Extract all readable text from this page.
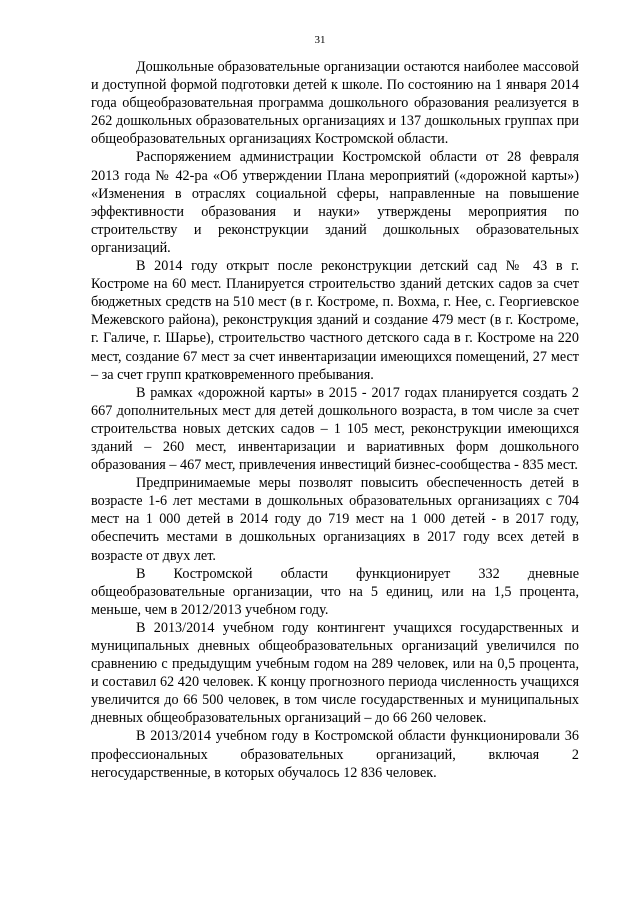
31

Дошкольные образовательные организации остаются наиболее массовой и доступной формой подготовки детей к школе. По состоянию на 1 января 2014 года общеобразовательная программа дошкольного образования реализуется в 262 дошкольных образовательных организациях и 137 дошкольных группах при общеобразовательных организациях Костромской области.

Распоряжением администрации Костромской области от 28 февраля 2013 года № 42-ра «Об утверждении Плана мероприятий («дорожной карты») «Изменения в отраслях социальной сферы, направленные на повышение эффективности образования и науки» утверждены мероприятия по строительству и реконструкции зданий дошкольных образовательных организаций.

В 2014 году открыт после реконструкции детский сад № 43 в г. Костроме на 60 мест. Планируется строительство зданий детских садов за счет бюджетных средств на 510 мест (в г. Костроме, п. Вохма, г. Нее, с. Георгиевское Межевского района), реконструкция зданий и создание 479 мест (в г. Костроме, г. Галиче, г. Шарье), строительство частного детского сада в г. Костроме на 220 мест, создание 67 мест за счет инвентаризации имеющихся помещений, 27 мест – за счет групп кратковременного пребывания.

В рамках «дорожной карты» в 2015 - 2017 годах планируется создать 2 667 дополнительных мест для детей дошкольного возраста, в том числе за счет строительства новых детских садов – 1 105 мест, реконструкции имеющихся зданий – 260 мест, инвентаризации и вариативных форм дошкольного образования – 467 мест, привлечения инвестиций бизнес-сообщества - 835 мест.

Предпринимаемые меры позволят повысить обеспеченность детей в возрасте 1-6 лет местами в дошкольных образовательных организациях с 704 мест на 1 000 детей в 2014 году до 719 мест на 1 000 детей - в 2017 году, обеспечить местами в дошкольных организациях в 2017 году всех детей в возрасте от двух лет.

В Костромской области функционирует 332 дневные общеобразовательные организации, что на 5 единиц, или на 1,5 процента, меньше, чем в 2012/2013 учебном году.

В 2013/2014 учебном году контингент учащихся государственных и муниципальных дневных общеобразовательных организаций увеличился по сравнению с предыдущим учебным годом на 289 человек, или на 0,5 процента, и составил 62 420 человек. К концу прогнозного периода численность учащихся увеличится до 66 500 человек, в том числе государственных и муниципальных дневных общеобразовательных организаций – до 66 260 человек.

В 2013/2014 учебном году в Костромской области функционировали 36 профессиональных образовательных организаций, включая 2 негосударственные, в которых обучалось 12 836 человек.
